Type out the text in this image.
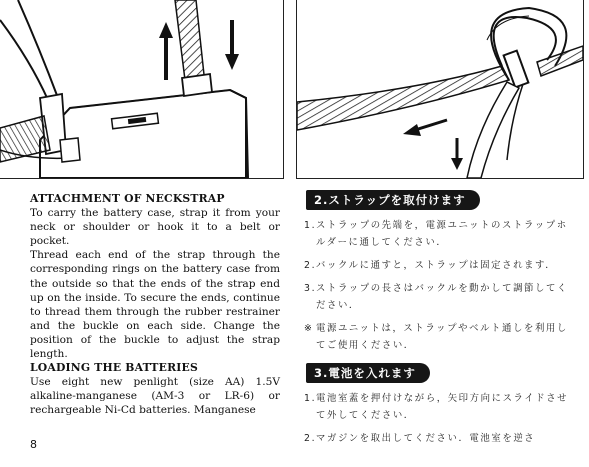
ATTACHMENT OF NECKSTRAP

To carry the battery case, strap it from your neck or shoulder or hook it to a belt or pocket.

Thread each end of the strap through the corresponding rings on the battery case from the outside so that the ends of the strap end up on the inside. To secure the ends, continue to thread them through the rubber restrainer and the buckle on each side. Change the position of the buckle to adjust the strap length.

LOADING THE BATTERIES

Use eight new penlight (size AA) 1.5V alkaline-manganese (AM-3 or LR-6) or rechargeable Ni-Cd batteries. Manganese

8
2.ストラップを取付けます
1. ストラップの先端を，電源ユニットのストラップホルダーに通してください．
2. バックルに通すと，ストラップは固定されます．
3. ストラップの長さはバックルを動かして調節してください．
※ 電源ユニットは，ストラップやベルト通しを利用してご使用ください．
3.電池を入れます
1. 電池室蓋を押付けながら，矢印方向にスライドさせて外してください．
2. マガジンを取出してください．電池室を逆さ
